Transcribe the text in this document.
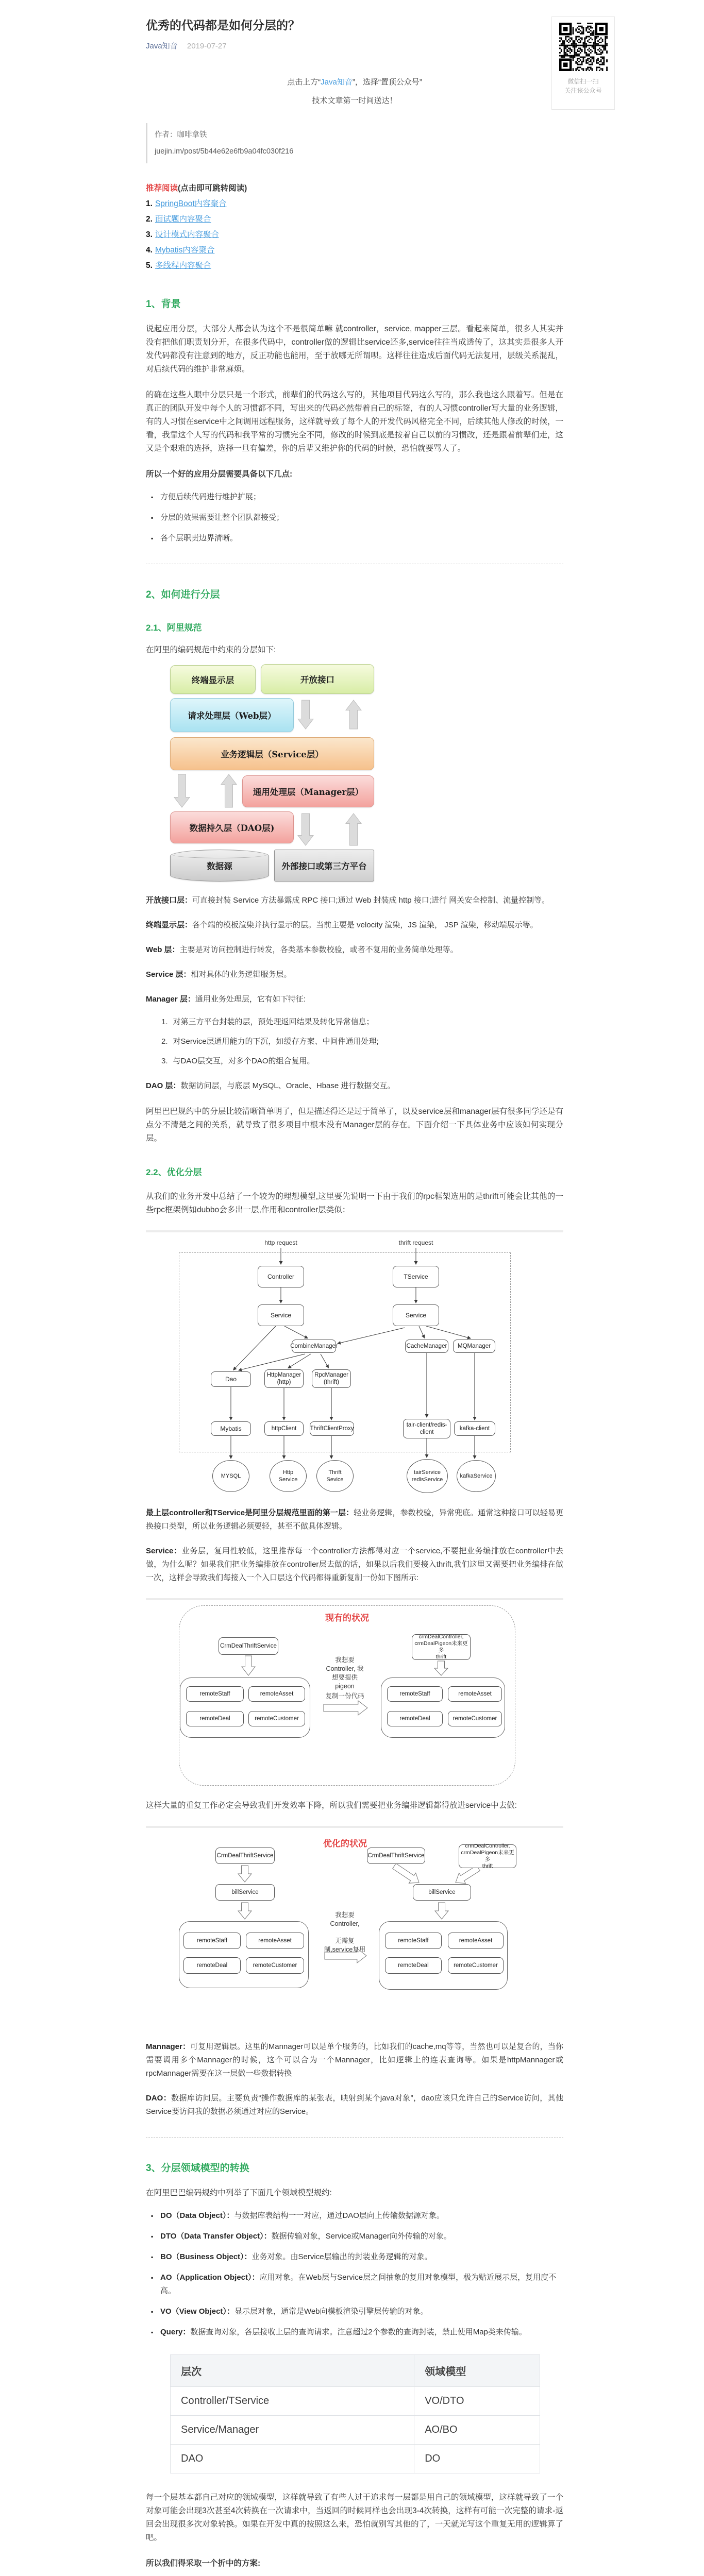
微信扫一扫
关注该公众号
优秀的代码都是如何分层的？
Java知音 2019-07-27

点击上方“Java知音”，选择“置顶公众号”

技术文章第一时间送达！

作者：咖啡拿铁

juejin.im/post/5b44e62e6fb9a04fc030f216

推荐阅读(点击即可跳转阅读)

1. SpringBoot内容聚合
2. 面试题内容聚合
3. 设计模式内容聚合
4. Mybatis内容聚合
5. 多线程内容聚合
1、背景

说起应用分层，大部分人都会认为这个不是很简单嘛 就controller，service, mapper三层。看起来简单，很多人其实并没有把他们职责划分开，在很多代码中，controller做的逻辑比service还多,service往往当成透传了，这其实是很多人开发代码都没有注意到的地方，反正功能也能用，至于放哪无所谓呗。这样往往造成后面代码无法复用，层级关系混乱，对后续代码的维护非常麻烦。

的确在这些人眼中分层只是一个形式，前辈们的代码这么写的，其他项目代码这么写的，那么我也这么跟着写。但是在真正的团队开发中每个人的习惯都不同，写出来的代码必然带着自己的标签，有的人习惯controller写大量的业务逻辑，有的人习惯在service中之间调用远程服务，这样就导致了每个人的开发代码风格完全不同，后续其他人修改的时候，一看，我靠这个人写的代码和我平常的习惯完全不同，修改的时候到底是按着自己以前的习惯改，还是跟着前辈们走，这又是个艰难的选择，选择一旦有偏差，你的后辈又维护你的代码的时候，恐怕就要骂人了。

所以一个好的应用分层需要具备以下几点:

▪ 方便后续代码进行维护扩展；
▪ 分层的效果需要让整个团队都接受；
▪ 各个层职责边界清晰。
2、如何进行分层
2.1、阿里规范

在阿里的编码规范中约束的分层如下:

终端显示层	开放接口
请求处理层（Web层）
业务逻辑层（Service层）
通用处理层（Manager层）
数据持久层（DAO层)
数据源	外部接口或第三方平台

开放接口层：可直接封装 Service 方法暴露成 RPC 接口;通过 Web 封装成 http 接口;进行 网关安全控制、流量控制等。

终端显示层：各个端的模板渲染并执行显示的层。当前主要是 velocity 渲染，JS 渲染， JSP 渲染，移动端展示等。

Web 层：主要是对访问控制进行转发，各类基本参数校验，或者不复用的业务简单处理等。

Service 层：相对具体的业务逻辑服务层。

Manager 层：通用业务处理层，它有如下特征:

1. 对第三方平台封装的层，预处理返回结果及转化异常信息；
2. 对Service层通用能力的下沉，如缓存方案、中间件通用处理;
3. 与DAO层交互，对多个DAO的组合复用。

DAO 层：数据访问层，与底层 MySQL、Oracle、Hbase 进行数据交互。

阿里巴巴规约中的分层比较清晰简单明了，但是描述得还是过于简单了，以及service层和manager层有很多同学还是有点分不清楚之间的关系，就导致了很多项目中根本没有Manager层的存在。下面介绍一下具体业务中应该如何实现分层。

2.2、优化分层

从我们的业务开发中总结了一个较为的理想模型,这里要先说明一下由于我们的rpc框架选用的是thrift可能会比其他的一些rpc框架例如dubbo会多出一层,作用和controller层类似：

http request	thrift request
Controller	TService
Service	Service
CombineManager	CacheManager	MQManager
Dao
HttpManager
(http)
RpcManager
(thrift)
Mybatis	httpClient	ThriftClientProxy
tair-client/redis-
client
kafka-client
MYSQL
Http
Service
Thrift
Sevice
tairService
redisService
kafkaService

最上层controller和TService是阿里分层规范里面的第一层：轻业务逻辑，参数校验，异常兜底。通常这种接口可以轻易更换接口类型，所以业务逻辑必须要轻，甚至不做具体逻辑。

Service：业务层，复用性较低，这里推荐每一个controller方法都得对应一个service,不要把业务编排放在controller中去做，为什么呢？如果我们把业务编排放在controller层去做的话，如果以后我们要接入thrift,我们这里又需要把业务编排在做一次，这样会导致我们每接入一个入口层这个代码都得重新复制一份如下图所示:

现有的状况
CrmDealThriftService
crmDealController,
crmDealPigeon未来更多
thrift
remoteStaff	remoteAsset
remoteDeal	remoteCustomer
我想要
Controller, 我
想要提供
pigeon
复制一份代码	remoteStaff	remoteAsset
remoteDeal	remoteCustomer

这样大量的重复工作必定会导致我们开发效率下降，所以我们需要把业务编排逻辑都得放进service中去做:

优化的状况
CrmDealThriftService
billService
remoteStaff	remoteAsset
remoteDeal	remoteCustomer
我想要
Controller,
无需复
制,service复用
CrmDealThriftService
crmDealController,
crmDealPigeon未来更多
thrift
billService
remoteStaff	remoteAsset
remoteDeal	remoteCustomer

Mannager：可复用逻辑层。这里的Mannager可以是单个服务的，比如我们的cache,mq等等，当然也可以是复合的，当你需要调用多个Mannager的时候，这个可以合为一个Mannager，比如逻辑上的连表查询等。如果是httpMannager或rpcMannager需要在这一层做一些数据转换

DAO：数据库访问层。主要负责“操作数据库的某张表，映射到某个java对象”，dao应该只允许自己的Service访问，其他Service要访问我的数据必须通过对应的Service。

3、分层领域模型的转换

在阿里巴巴编码规约中列举了下面几个领域模型规约:

▪ DO（Data Object）：与数据库表结构一一对应，通过DAO层向上传输数据源对象。
▪ DTO（Data Transfer Object）：数据传输对象，Service或Manager向外传输的对象。
▪ BO（Business Object）：业务对象。由Service层输出的封装业务逻辑的对象。
▪ AO（Application Object）：应用对象。在Web层与Service层之间抽象的复用对象模型，极为贴近展示层，复用度不高。
▪ VO（View Object）：显示层对象，通常是Web向模板渲染引擎层传输的对象。
▪ Query：数据查询对象，各层接收上层的查询请求。注意超过2个参数的查询封装，禁止使用Map类来传输。
层次	领域模型
Controller/TService	VO/DTO
Service/Manager	AO/BO
DAO	DO

每一个层基本都自己对应的领域模型，这样就导致了有些人过于追求每一层都是用自己的领域模型，这样就导致了一个对象可能会出现3次甚至4次转换在一次请求中，当返回的时候同样也会出现3-4次转换，这样有可能一次完整的请求-返回会出现很多次对象转换。如果在开发中真的按照这么来，恐怕就别写其他的了，一天就光写这个重复无用的逻辑算了吧。

所以我们得采取一个折中的方案:
